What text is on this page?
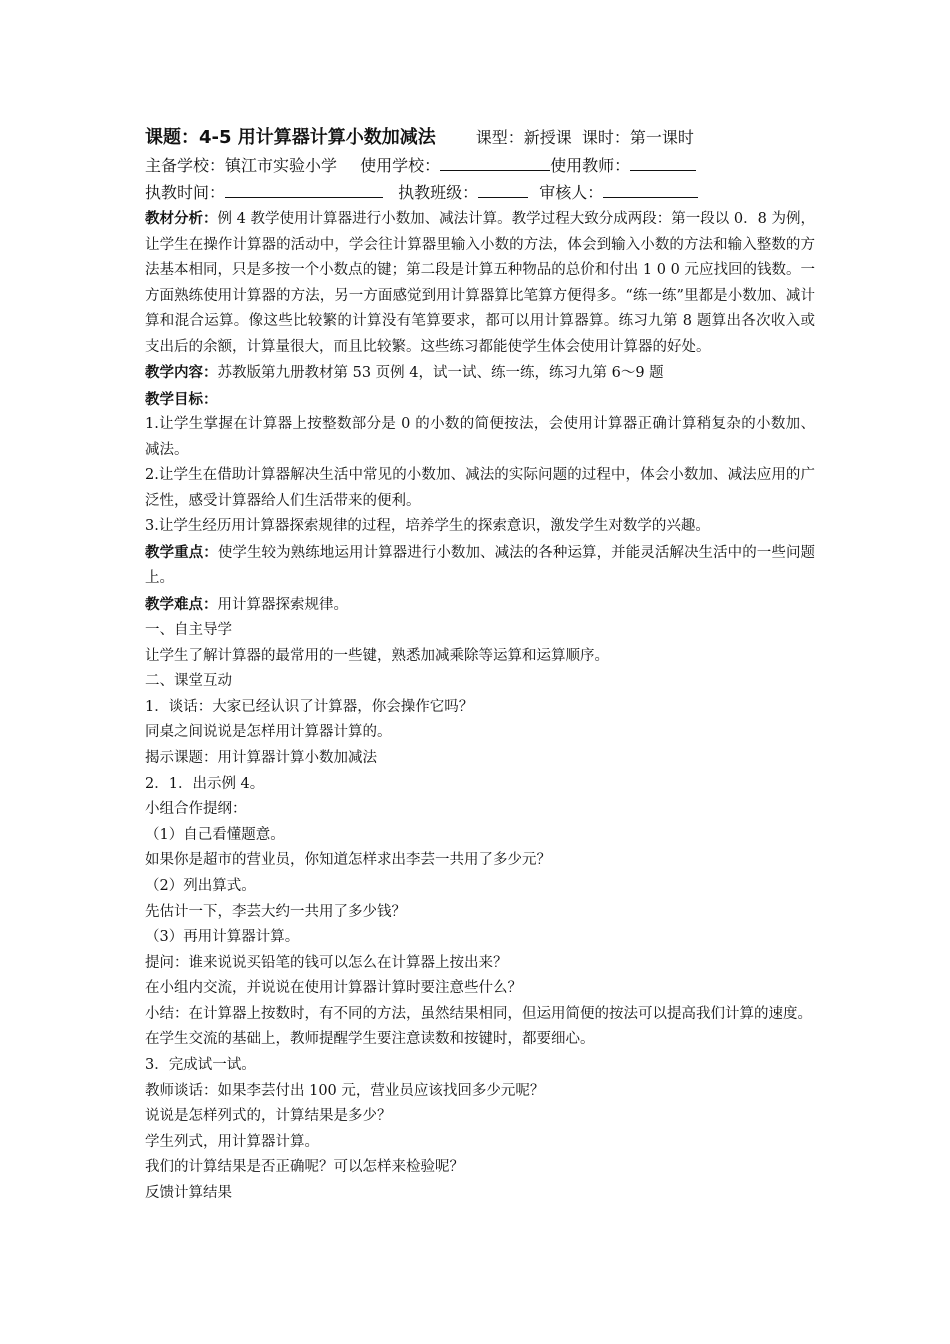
课题： 4-5 用计算器计算小数加减法	课型：新授课 课时：第一课时
主备学校：镇江市实验小学 使用学校：	使用教师：
执教时间：	执教班级：	审核人：
教材分析：例 4 教学使用计算器进行小数加、减法计算。教学过程大致分成两段：第一段以 0．8 为例，让学生在操作计算器的活动中，学会往计算器里输入小数的方法，体会到输入小数的方法和输入整数的方法基本相同，只是多按一个小数点的键；第二段是计算五种物品的总价和付出 1 0 0 元应找回的钱数。一方面熟练使用计算器的方法，另一方面感觉到用计算器算比笔算方便得多。“练一练”里都是小数加、减计算和混合运算。像这些比较繁的计算没有笔算要求，都可以用计算器算。练习九第 8 题算出各次收入或支出后的余额，计算量很大，而且比较繁。这些练习都能使学生体会使用计算器的好处。
教学内容：苏教版第九册教材第 53 页例 4，试一试、练一练，练习九第 6～9 题
教学目标：
1.让学生掌握在计算器上按整数部分是 0 的小数的简便按法，会使用计算器正确计算稍复杂的小数加、减法。
2.让学生在借助计算器解决生活中常见的小数加、减法的实际问题的过程中，体会小数加、减法应用的广泛性，感受计算器给人们生活带来的便利。
3.让学生经历用计算器探索规律的过程，培养学生的探索意识，激发学生对数学的兴趣。
教学重点：使学生较为熟练地运用计算器进行小数加、减法的各种运算，并能灵活解决生活中的一些问题上。
教学难点：用计算器探索规律。
一、自主导学
让学生了解计算器的最常用的一些键，熟悉加减乘除等运算和运算顺序。
二、课堂互动
1．谈话：大家已经认识了计算器，你会操作它吗？
同桌之间说说是怎样用计算器计算的。
揭示课题：用计算器计算小数加减法
2．1．出示例 4。
小组合作提纲：
（1）自己看懂题意。
如果你是超市的营业员，你知道怎样求出李芸一共用了多少元？
（2）列出算式。
先估计一下，李芸大约一共用了多少钱？
（3）再用计算器计算。
提问：谁来说说买铅笔的钱可以怎么在计算器上按出来？
在小组内交流，并说说在使用计算器计算时要注意些什么？
小结：在计算器上按数时，有不同的方法，虽然结果相同，但运用简便的按法可以提高我们计算的速度。
在学生交流的基础上，教师提醒学生要注意读数和按键时，都要细心。
3．完成试一试。
教师谈话：如果李芸付出 100 元，营业员应该找回多少元呢？
说说是怎样列式的，计算结果是多少？
学生列式，用计算器计算。
我们的计算结果是否正确呢？可以怎样来检验呢？
反馈计算结果
